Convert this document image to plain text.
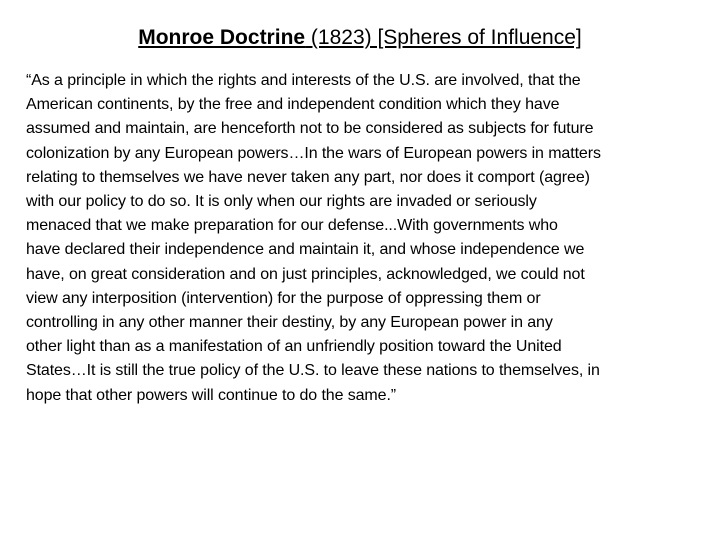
Monroe Doctrine (1823) [Spheres of Influence]
“As a principle in which the rights and interests of the U.S. are involved, that the
American continents, by the free and independent condition which they have
assumed and maintain, are henceforth not to be considered as subjects for future
colonization by any European powers…In the wars of European powers in matters
relating to themselves we have never taken any part, nor does it comport (agree)
with our policy to do so. It is only when our rights are invaded or seriously
menaced that we make preparation for our defense...With governments who
have declared their independence and maintain it, and whose independence we
have, on great consideration and on just principles, acknowledged, we could not
view any interposition (intervention) for the purpose of oppressing them or
controlling in any other manner their destiny, by any European power in any
other light than as a manifestation of an unfriendly position toward the United
States…It is still the true policy of the U.S. to leave these nations to themselves, in
hope that other powers will continue to do the same.”
